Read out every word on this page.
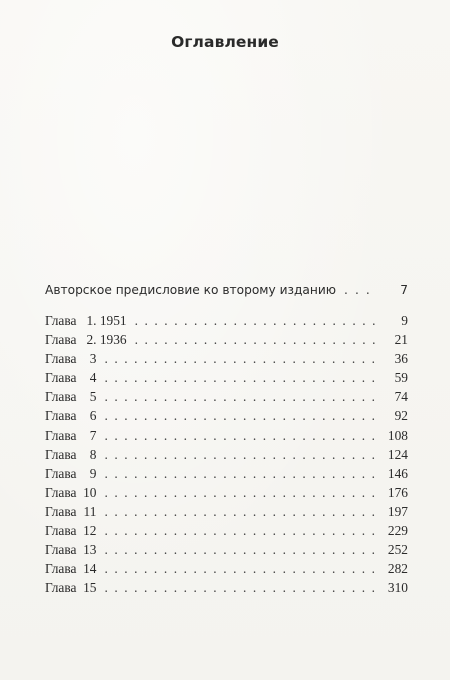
Оглавление
Авторское предисловие ко второму изданию . . .	7
Глава 1. 1951 . . .	9
Глава 2. 1936 . . .	21
Глава 3 . . .	36
Глава 4 . . .	59
Глава 5 . . .	74
Глава 6 . . .	92
Глава 7 . . .	108
Глава 8 . . .	124
Глава 9 . . .	146
Глава 10 . . .	176
Глава 11 . . .	197
Глава 12 . . .	229
Глава 13 . . .	252
Глава 14 . . .	282
Глава 15 . . .	310
